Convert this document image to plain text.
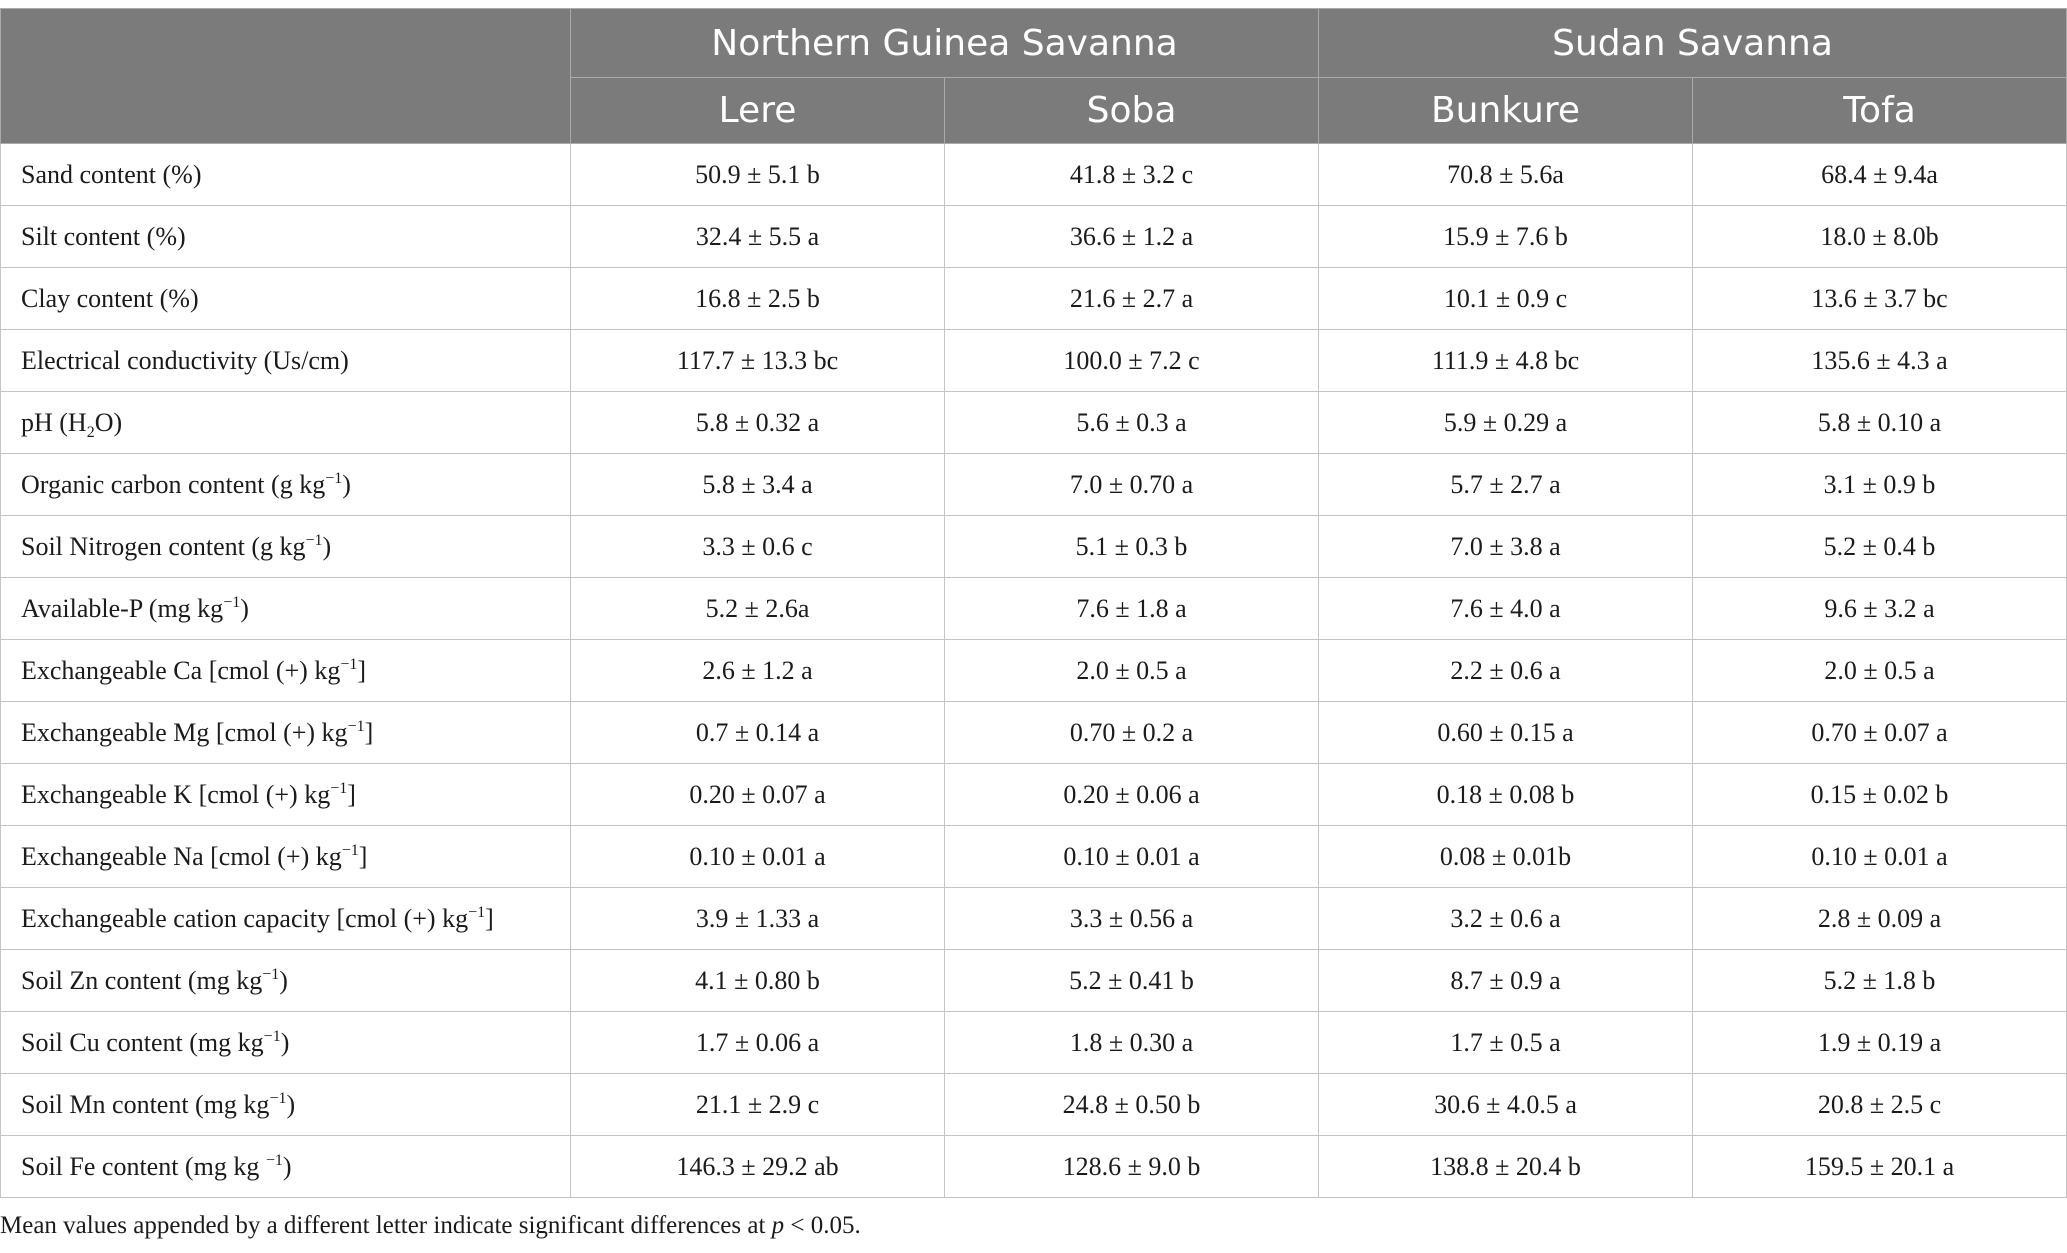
	Northern Guinea Savanna		Sudan Savanna	
	Lere	Soba	Bunkure	Tofa
Sand content (%)	50.9 ± 5.1 b	41.8 ± 3.2 c	70.8 ± 5.6a	68.4 ± 9.4a
Silt content (%)	32.4 ± 5.5 a	36.6 ± 1.2 a	15.9 ± 7.6 b	18.0 ± 8.0b
Clay content (%)	16.8 ± 2.5 b	21.6 ± 2.7 a	10.1 ± 0.9 c	13.6 ± 3.7 bc
Electrical conductivity (Us/cm)	117.7 ± 13.3 bc	100.0 ± 7.2 c	111.9 ± 4.8 bc	135.6 ± 4.3 a
pH $(H_2O)$	5.8 ± 0.32 a	5.6 ± 0.3 a	5.9 ± 0.29 a	5.8 ± 0.10 a
Organic carbon content (g $kg^{-1}$)	5.8 ± 3.4 a	7.0 ± 0.70 a	5.7 ± 2.7 a	3.1 ± 0.9 b
Soil Nitrogen content (g $kg^{-1}$)	3.3 ± 0.6 c	5.1 ± 0.3 b	7.0 ± 3.8 a	5.2 ± 0.4 b
Available-P (mg $kg^{-1}$)	5.2 ± 2.6a	7.6 ± 1.8 a	7.6 ± 4.0 a	9.6 ± 3.2 a
Exchangeable Ca [cmol (+) $kg^{-1}$]	2.6 ± 1.2 a	2.0 ± 0.5 a	2.2 ± 0.6 a	2.0 ± 0.5 a
Exchangeable Mg [cmol (+) $kg^{-1}$]	0.7 ± 0.14 a	0.70 ± 0.2 a	0.60 ± 0.15 a	0.70 ± 0.07 a
Exchangeable K [cmol (+) $kg^{-1}$]	0.20 ± 0.07 a	0.20 ± 0.06 a	0.18 ± 0.08 b	0.15 ± 0.02 b
Exchangeable Na [cmol (+) $kg^{-1}$]	0.10 ± 0.01 a	0.10 ± 0.01 a	0.08 ± 0.01b	0.10 ± 0.01 a
Exchangeable cation capacity [cmol (+) $kg^{-1}$]	3.9 ± 1.33 a	3.3 ± 0.56 a	3.2 ± 0.6 a	2.8 ± 0.09 a
Soil Zn content (mg $kg^{-1}$)	4.1 ± 0.80 b	5.2 ± 0.41 b	8.7 ± 0.9 a	5.2 ± 1.8 b
Soil Cu content (mg $kg^{-1}$)	1.7 ± 0.06 a	1.8 ± 0.30 a	1.7 ± 0.5 a	1.9 ± 0.19 a
Soil Mn content (mg $kg^{-1}$)	21.1 ± 2.9 c	24.8 ± 0.50 b	30.6 ± 4.0.5 a	20.8 ± 2.5 c
Soil Fe content (mg kg $^{-1}$)	146.3 ± 29.2 ab	128.6 ± 9.0 b	138.8 ± 20.4 b	159.5 ± 20.1 a
Mean values appended by a different letter indicate significant differences at p < 0.05.
